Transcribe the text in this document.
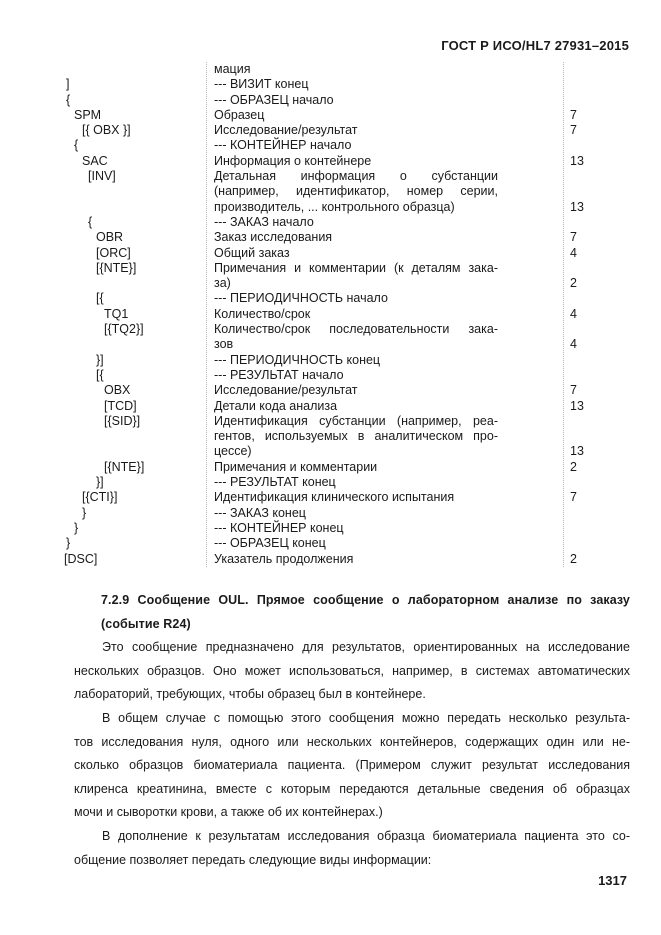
ГОСТ Р ИСО/HL7 27931–2015
мация
]	--- ВИЗИТ конец
{	--- ОБРАЗЕЦ начало
SPM	Образец	7
[{ OBX }]	Исследование/результат	7
{	--- КОНТЕЙНЕР начало
SAC	Информация о контейнере	13
[INV]	Детальная информация о субстанции
(например, идентификатор, номер серии,
производитель, ... контрольного образца)	13
{	--- ЗАКАЗ начало
OBR	Заказ исследования	7
[ORC]	Общий заказ	4
[{NTE}]	Примечания и комментарии (к деталям зака-
за)	2
[{	--- ПЕРИОДИЧНОСТЬ начало
TQ1	Количество/срок	4
[{TQ2}]	Количество/срок последовательности зака-
зов	4
}]	--- ПЕРИОДИЧНОСТЬ конец
[{	--- РЕЗУЛЬТАТ начало
OBX	Исследование/результат	7
[TCD]	Детали кода анализа	13
[{SID}]	Идентификация субстанции (например, реа-
гентов, используемых в аналитическом про-
цессе)	13
[{NTE}]	Примечания и комментарии	2
}]	--- РЕЗУЛЬТАТ конец
[{CTI}]	Идентификация клинического испытания	7
}	--- ЗАКАЗ конец
}	--- КОНТЕЙНЕР конец
}	--- ОБРАЗЕЦ конец
[DSC]	Указатель продолжения	2
7.2.9 Сообщение OUL. Прямое сообщение о лабораторном анализе по заказу
(событие R24)

Это сообщение предназначено для результатов, ориентированных на исследование
нескольких образцов. Оно может использоваться, например, в системах автоматических
лабораторий, требующих, чтобы образец был в контейнере.

В общем случае с помощью этого сообщения можно передать несколько результа-
тов исследования нуля, одного или нескольких контейнеров, содержащих один или не-
сколько образцов биоматериала пациента. (Примером служит результат исследования
клиренса креатинина, вместе с которым передаются детальные сведения об образцах
мочи и сыворотки крови, а также об их контейнерах.)

В дополнение к результатам исследования образца биоматериала пациента это со-
общение позволяет передать следующие виды информации:

1317
